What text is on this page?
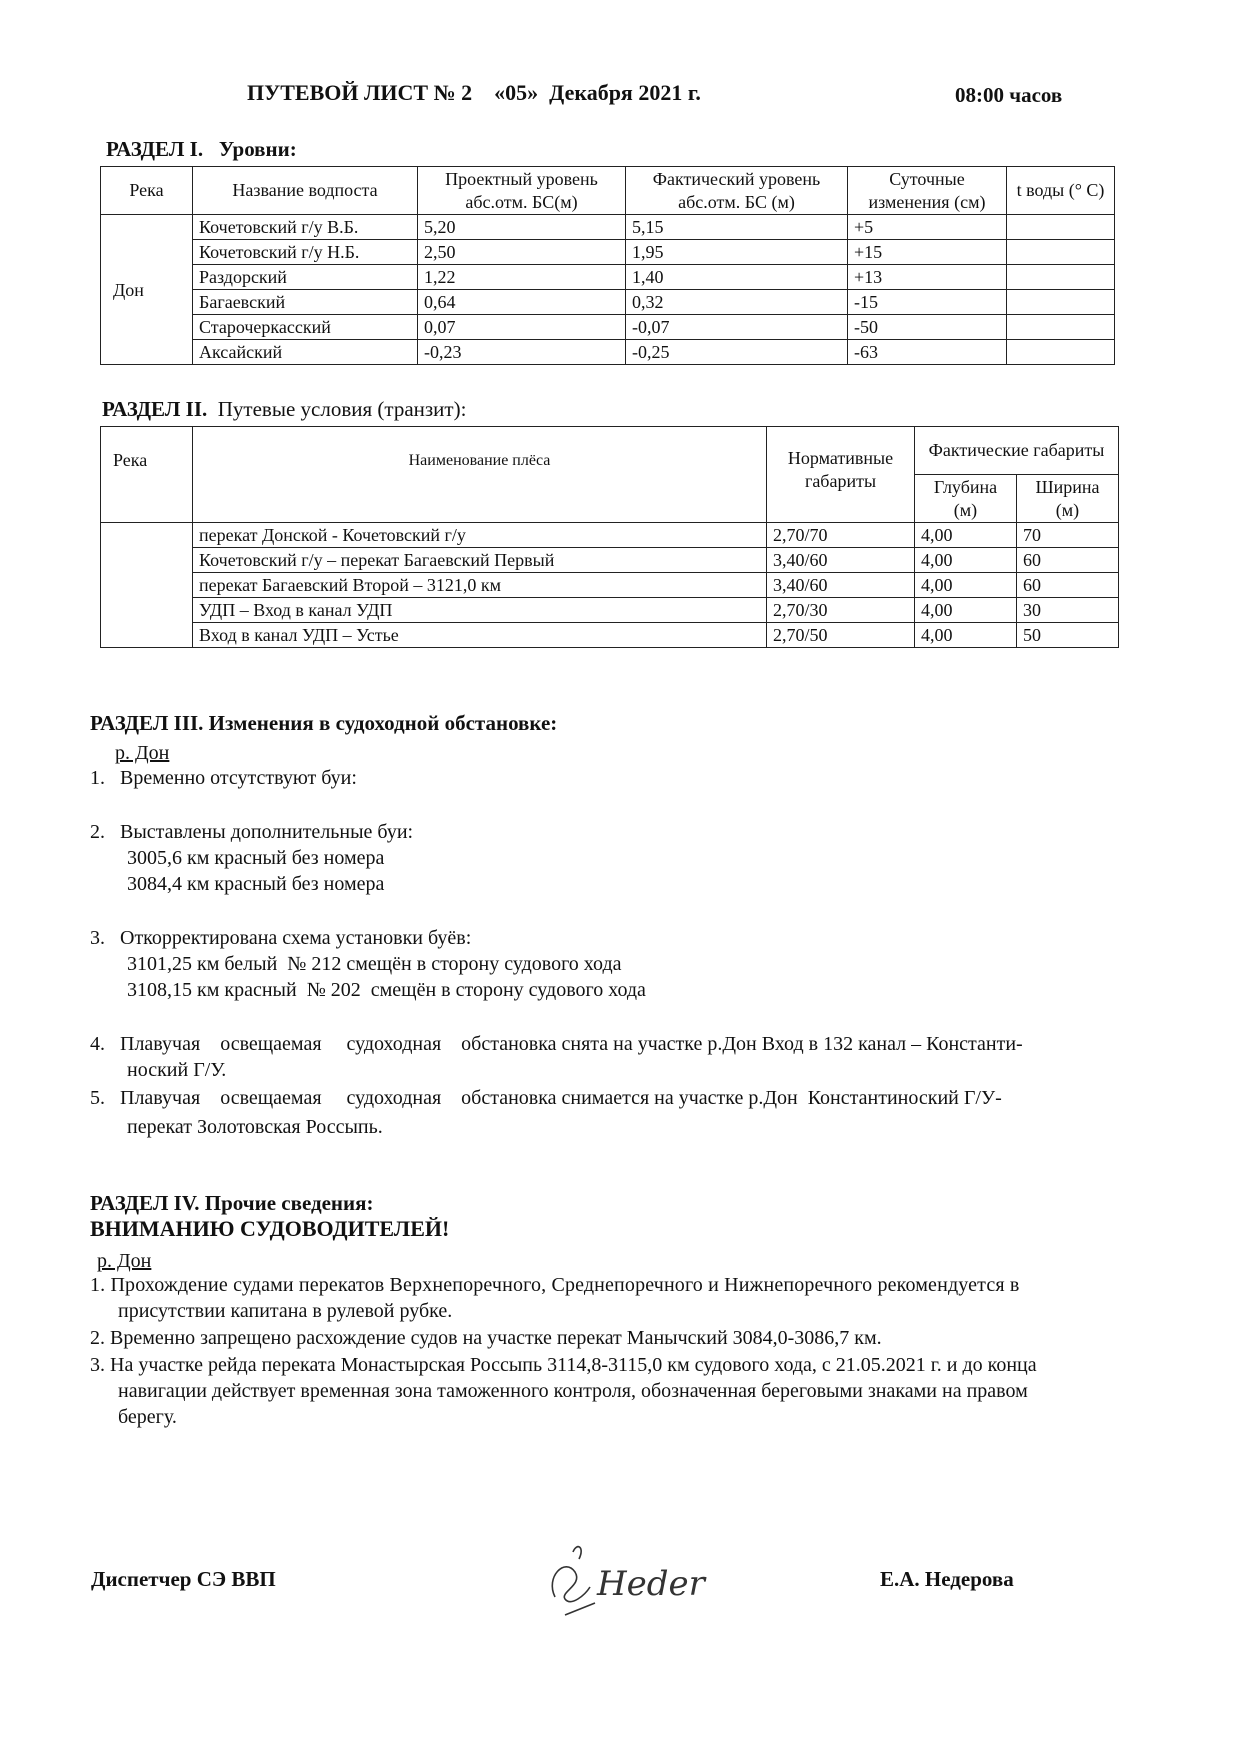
ПУТЕВОЙ ЛИСТ № 2    «05»  Декабря 2021 г.	08:00 часов
РАЗДЕЛ I.   Уровни:
Река	Название водпоста	Проектный уровень абс.отм. БС(м)	Фактический уровень абс.отм. БС (м)	Суточные изменения (см)	t воды (° C)
Дон	Кочетовский г/у В.Б.	5,20	5,15	+5	
	Кочетовский г/у Н.Б.	2,50	1,95	+15	
	Раздорский	1,22	1,40	+13	
	Багаевский	0,64	0,32	-15	
	Старочеркасский	0,07	-0,07	-50	
	Аксайский	-0,23	-0,25	-63	
РАЗДЕЛ II.  Путевые условия (транзит):
Река	Наименование плёса	Нормативные габариты	Фактические габариты	
			Глубина (м)	Ширина (м)
	перекат Донской - Кочетовский г/у	2,70/70	4,00	70
	Кочетовский г/у – перекат Багаевский Первый	3,40/60	4,00	60
	перекат Багаевский Второй – 3121,0 км	3,40/60	4,00	60
	УДП – Вход в канал УДП	2,70/30	4,00	30
	Вход в канал УДП – Устье	2,70/50	4,00	50
РАЗДЕЛ III. Изменения в судоходной обстановке:
р. Дон
1.   Временно отсутствуют буи:
2.   Выставлены дополнительные буи:
3005,6 км красный без номера
3084,4 км красный без номера
3.   Откорректирована схема установки буёв:
3101,25 км белый  № 212 смещён в сторону судового хода
3108,15 км красный  № 202  смещён в сторону судового хода
4.   Плавучая    освещаемая     судоходная    обстановка снята на участке р.Дон Вход в 132 канал – Константи-
ноский Г/У.
5.   Плавучая    освещаемая     судоходная    обстановка снимается на участке р.Дон  Константиноский Г/У-
перекат Золотовская Россыпь.
РАЗДЕЛ IV. Прочие сведения:
ВНИМАНИЮ СУДОВОДИТЕЛЕЙ!
р. Дон
1. Прохождение судами перекатов Верхнепоречного, Среднепоречного и Нижнепоречного рекомендуется в
присутствии капитана в рулевой рубке.
2. Временно запрещено расхождение судов на участке перекат Манычский 3084,0-3086,7 км.
3. На участке рейда переката Монастырская Россыпь 3114,8-3115,0 км судового хода, с 21.05.2021 г. и до конца
навигации действует временная зона таможенного контроля, обозначенная береговыми знаками на правом
берегу.
Диспетчер СЭ ВВП	Heder	Е.А. Недерова
